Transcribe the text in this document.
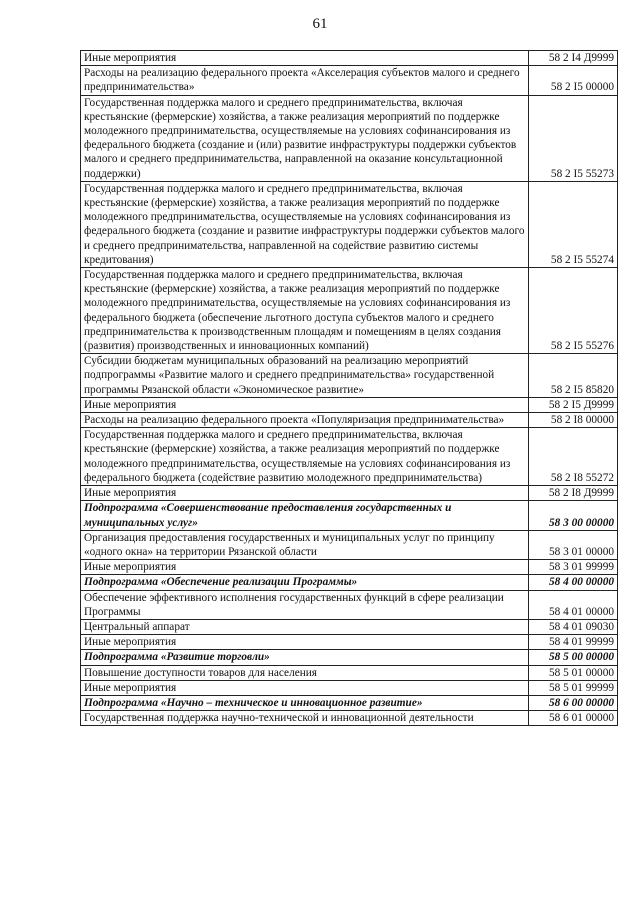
61
Иные мероприятия	58 2 I4 Д9999
Расходы на реализацию федерального проекта «Акселерация субъектов малого и среднего предпринимательства»	58 2 I5 00000
Государственная поддержка малого и среднего предпринимательства, включая крестьянские (фермерские) хозяйства, а также реализация мероприятий по поддержке молодежного предпринимательства, осуществляемые на условиях софинансирования из федерального бюджета (создание и (или) развитие инфраструктуры поддержки субъектов малого и среднего предпринимательства, направленной на оказание консультационной поддержки)	58 2 I5 55273
Государственная поддержка малого и среднего предпринимательства, включая крестьянские (фермерские) хозяйства, а также реализация мероприятий по поддержке молодежного предпринимательства, осуществляемые на условиях софинансирования из федерального бюджета (создание и развитие инфраструктуры поддержки субъектов малого и среднего предпринимательства, направленной на содействие развитию системы кредитования)	58 2 I5 55274
Государственная поддержка малого и среднего предпринимательства, включая крестьянские (фермерские) хозяйства, а также реализация мероприятий по поддержке молодежного предпринимательства, осуществляемые на условиях софинансирования из федерального бюджета (обеспечение льготного доступа субъектов малого и среднего предпринимательства к производственным площадям и помещениям в целях создания (развития) производственных и инновационных компаний)	58 2 I5 55276
Субсидии бюджетам муниципальных образований на реализацию мероприятий подпрограммы «Развитие малого и среднего предпринимательства» государственной программы Рязанской области «Экономическое развитие»	58 2 I5 85820
Иные мероприятия	58 2 I5 Д9999
Расходы на реализацию федерального проекта «Популяризация предпринимательства»	58 2 I8 00000
Государственная поддержка малого и среднего предпринимательства, включая крестьянские (фермерские) хозяйства, а также реализация мероприятий по поддержке молодежного предпринимательства, осуществляемые на условиях софинансирования из федерального бюджета (содействие развитию молодежного предпринимательства)	58 2 I8 55272
Иные мероприятия	58 2 I8 Д9999
Подпрограмма «Совершенствование предоставления государственных и муниципальных услуг»	58 3 00 00000
Организация предоставления государственных и муниципальных услуг по принципу «одного окна» на территории Рязанской области	58 3 01 00000
Иные мероприятия	58 3 01 99999
Подпрограмма «Обеспечение реализации Программы»	58 4 00 00000
Обеспечение эффективного исполнения государственных функций в сфере реализации Программы	58 4 01 00000
Центральный аппарат	58 4 01 09030
Иные мероприятия	58 4 01 99999
Подпрограмма «Развитие торговли»	58 5 00 00000
Повышение доступности товаров для населения	58 5 01 00000
Иные мероприятия	58 5 01 99999
Подпрограмма «Научно – техническое и инновационное развитие»	58 6 00 00000
Государственная поддержка научно-технической и инновационной деятельности	58 6 01 00000
